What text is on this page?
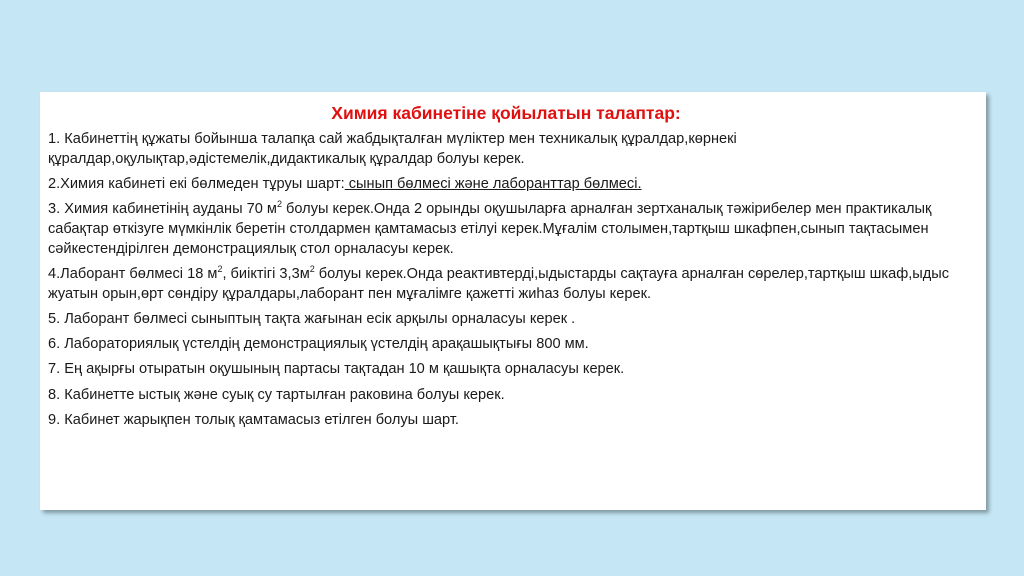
Химия кабинетіне қойылатын талаптар:

1. Кабинеттің құжаты бойынша талапқа сай жабдықталған мүліктер мен техникалық құралдар,көрнекі құралдар,оқулықтар,әдістемелік,дидактикалық құралдар болуы керек.

2.Химия кабинеті екі бөлмеден тұруы шарт: сынып бөлмесі және лаборанттар бөлмесі.

3. Химия кабинетінің ауданы 70 $м^2$ болуы керек.Онда 2 орынды оқушыларға арналған зертханалық тәжірибелер мен практикалық сабақтар өткізуге мүмкінлік беретін столдармен қамтамасыз етілуі керек.Мұғалім столымен,тартқыш шкафпен,сынып тақтасымен сәйкестендірілген демонстрациялық стол орналасуы керек.

4.Лаборант бөлмесі 18 $м^2$, биіктігі $3,3м^2$ болуы керек.Онда реактивтерді,ыдыстарды сақтауға арналған сөрелер,тартқыш шкаф,ыдыс жуатын орын,өрт сөндіру құралдары,лаборант пен мұғалімге қажетті жиһаз болуы керек.

5. Лаборант бөлмесі сыныптың тақта жағынан есік арқылы орналасуы керек .

6. Лабораториялық үстелдің демонстрациялық үстелдің арақашықтығы 800 мм.

7. Ең ақырғы отыратын оқушының партасы тақтадан 10 м қашықта орналасуы керек.

8. Кабинетте ыстық және суық су тартылған раковина болуы керек.

9. Кабинет жарықпен толық қамтамасыз етілген болуы шарт.
